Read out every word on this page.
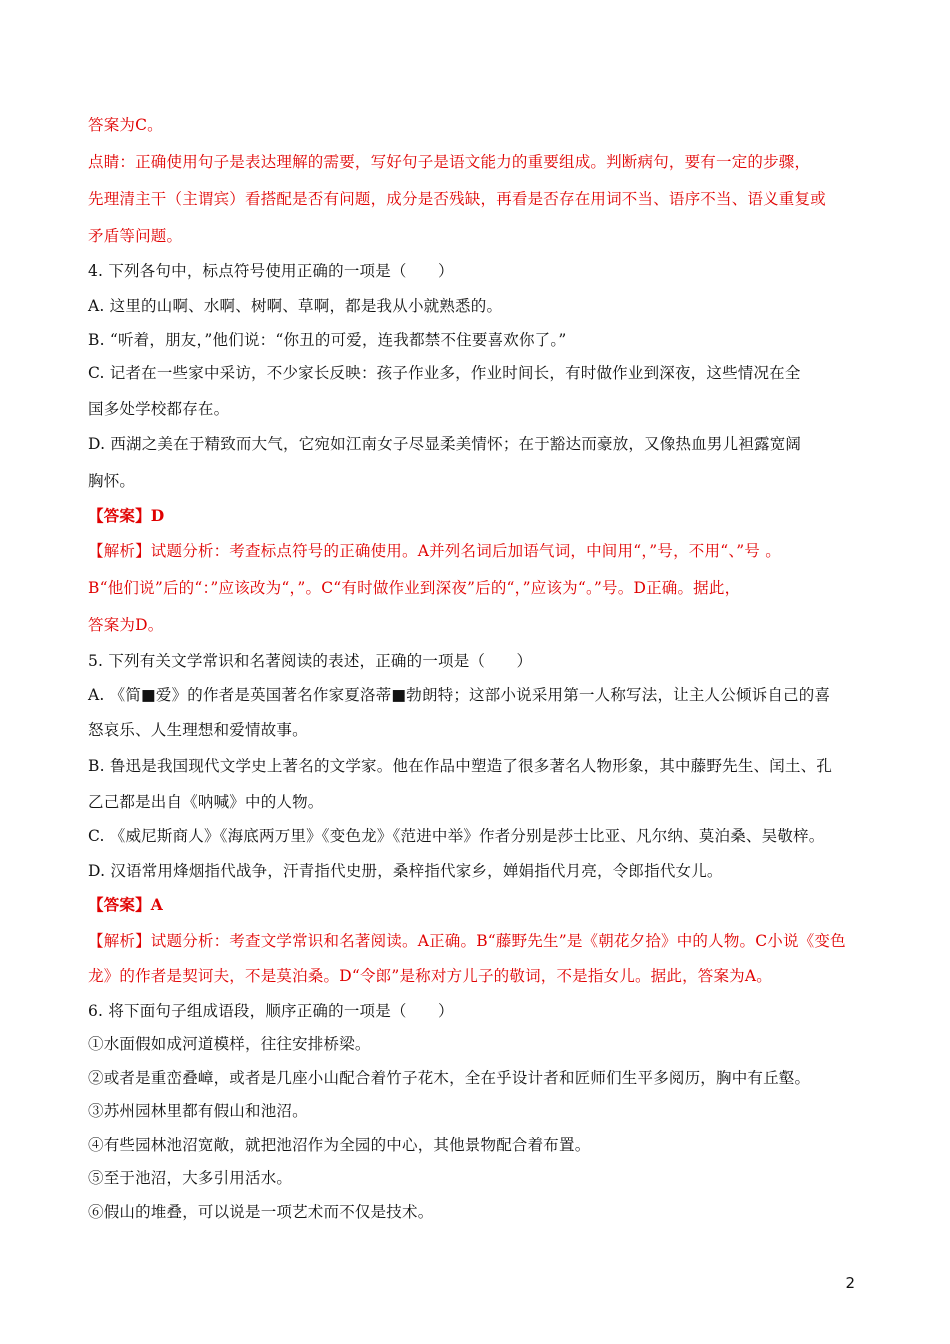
答案为C。
点睛：正确使用句子是表达理解的需要，写好句子是语文能力的重要组成。判断病句，要有一定的步骤，
先理清主干（主谓宾）看搭配是否有问题，成分是否残缺，再看是否存在用词不当、语序不当、语义重复或
矛盾等问题。
4. 下列各句中，标点符号使用正确的一项是（　　）
A. 这里的山啊、水啊、树啊、草啊，都是我从小就熟悉的。
B. “听着，朋友，”他们说：“你丑的可爱，连我都禁不住要喜欢你了。”
C. 记者在一些家中采访，不少家长反映：孩子作业多，作业时间长，有时做作业到深夜，这些情况在全
国多处学校都存在。
D. 西湖之美在于精致而大气，它宛如江南女子尽显柔美情怀；在于豁达而豪放，又像热血男儿袒露宽阔
胸怀。
【答案】D
【解析】试题分析：考查标点符号的正确使用。A并列名词后加语气词，中间用“，”号，不用“、”号 。
B“他们说”后的“：”应该改为“，”。C“有时做作业到深夜”后的“，”应该为“。”号。D正确。据此，
答案为D。
5. 下列有关文学常识和名著阅读的表述，正确的一项是（　　）
A. 《简■爱》的作者是英国著名作家夏洛蒂■勃朗特；这部小说采用第一人称写法，让主人公倾诉自己的喜
怒哀乐、人生理想和爱情故事。
B. 鲁迅是我国现代文学史上著名的文学家。他在作品中塑造了很多著名人物形象，其中藤野先生、闰土、孔
乙己都是出自《呐喊》中的人物。
C. 《威尼斯商人》《海底两万里》《变色龙》《范进中举》作者分别是莎士比亚、凡尔纳、莫泊桑、吴敬梓。
D. 汉语常用烽烟指代战争，汗青指代史册，桑梓指代家乡，婵娟指代月亮，令郎指代女儿。
【答案】A
【解析】试题分析：考查文学常识和名著阅读。A正确。B“藤野先生”是《朝花夕拾》中的人物。C小说《变色
龙》的作者是契诃夫，不是莫泊桑。D“令郎”是称对方儿子的敬词，不是指女儿。据此，答案为A。
6. 将下面句子组成语段，顺序正确的一项是（　　）
①水面假如成河道模样，往往安排桥梁。
②或者是重峦叠嶂，或者是几座小山配合着竹子花木，全在乎设计者和匠师们生平多阅历，胸中有丘壑。
③苏州园林里都有假山和池沼。
④有些园林池沼宽敞，就把池沼作为全园的中心，其他景物配合着布置。
⑤至于池沼，大多引用活水。
⑥假山的堆叠，可以说是一项艺术而不仅是技术。
2
